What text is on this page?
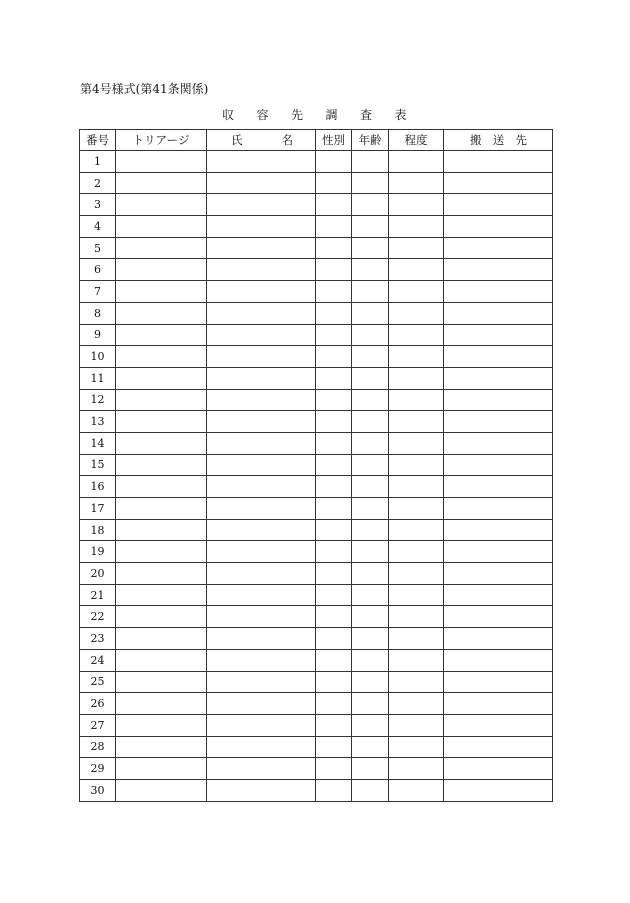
第4号様式(第41条関係)
収 容 先 調 査 表
番号	トリアージ	氏 名	性別	年齢	程度	搬 送 先

1						
2						
3						
4						
5						
6						
7						
8						
9						
10						
11						
12						
13						
14						
15						
16						
17						
18						
19						
20						
21						
22						
23						
24						
25						
26						
27						
28						
29						
30						
